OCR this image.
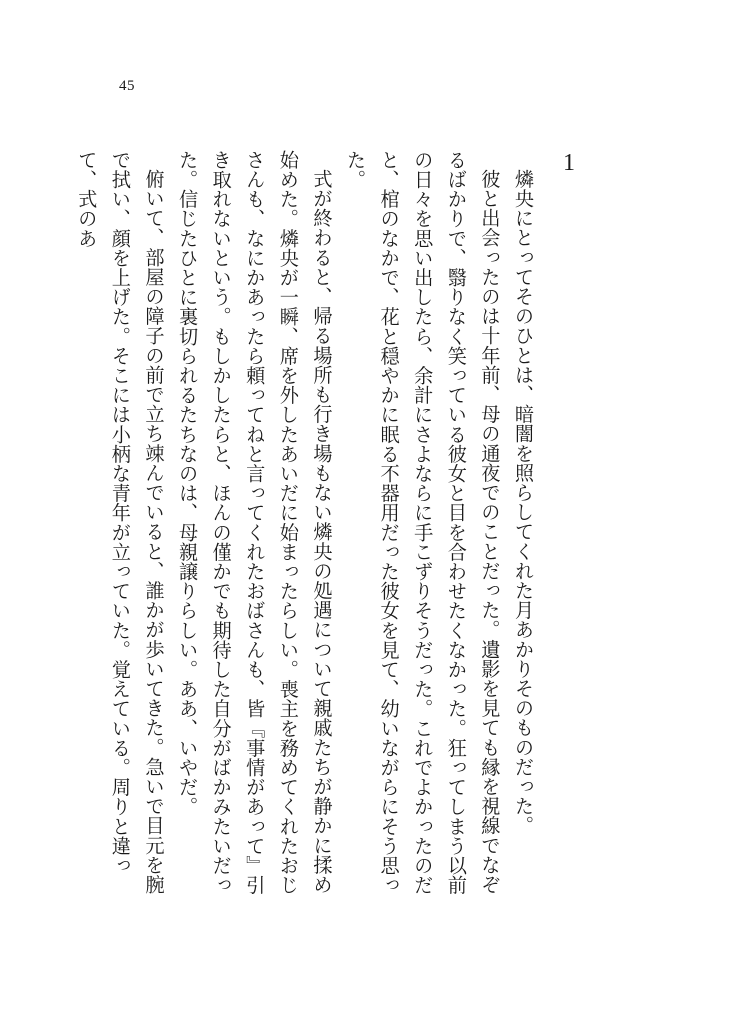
45
1

燐央にとってそのひとは、暗闇を照らしてくれた月あかりそのものだった。

彼と出会ったのは十年前、母の通夜でのことだった。遺影を見ても縁を視線でなぞるばかりで、翳りなく笑っている彼女と目を合わせたくなかった。狂ってしまう以前の日々を思い出したら、余計にさよならに手こずりそうだった。これでよかったのだと、棺のなかで、花と穏やかに眠る不器用だった彼女を見て、幼いながらにそう思った。

式が終わると、帰る場所も行き場もない燐央の処遇について親戚たちが静かに揉め始めた。燐央が一瞬、席を外したあいだに始まったらしい。喪主を務めてくれたおじさんも、なにかあったら頼ってねと言ってくれたおばさんも、皆『事情があって』引き取れないという。もしかしたらと、ほんの僅かでも期待した自分がばかみたいだった。信じたひとに裏切られるたちなのは、母親譲りらしい。ああ、いやだ。

俯いて、部屋の障子の前で立ち竦んでいると、誰かが歩いてきた。急いで目元を腕で拭い、顔を上げた。そこには小柄な青年が立っていた。覚えている。周りと違って、式のあ
